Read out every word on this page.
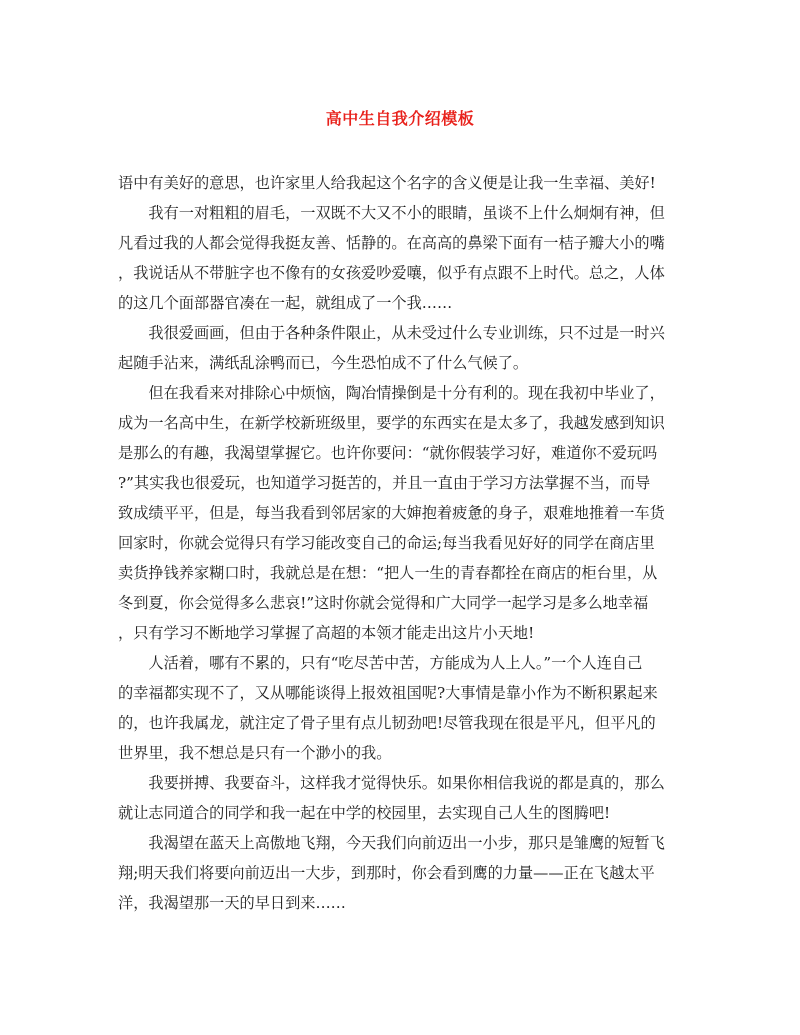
高中生自我介绍模板
语中有美好的意思，也许家里人给我起这个名字的含义便是让我一生幸福、美好!
　　我有一对粗粗的眉毛，一双既不大又不小的眼睛，虽谈不上什么炯炯有神，但
凡看过我的人都会觉得我挺友善、恬静的。在高高的鼻梁下面有一桔子瓣大小的嘴
，我说话从不带脏字也不像有的女孩爱吵爱嚷，似乎有点跟不上时代。总之，人体
的这几个面部器官凑在一起，就组成了一个我……
　　我很爱画画，但由于各种条件限止，从未受过什么专业训练，只不过是一时兴
起随手沾来，满纸乱涂鸭而已，今生恐怕成不了什么气候了。
　　但在我看来对排除心中烦恼，陶冶情操倒是十分有利的。现在我初中毕业了，
成为一名高中生，在新学校新班级里，要学的东西实在是太多了，我越发感到知识
是那么的有趣，我渴望掌握它。也许你要问：“就你假装学习好，难道你不爱玩吗
?”其实我也很爱玩，也知道学习挺苦的，并且一直由于学习方法掌握不当，而导
致成绩平平，但是，每当我看到邻居家的大婶抱着疲惫的身子，艰难地推着一车货
回家时，你就会觉得只有学习能改变自己的命运;每当我看见好好的同学在商店里
卖货挣钱养家糊口时，我就总是在想：“把人一生的青春都拴在商店的柜台里，从
冬到夏，你会觉得多么悲哀!”这时你就会觉得和广大同学一起学习是多么地幸福
，只有学习不断地学习掌握了高超的本领才能走出这片小天地!
　　人活着，哪有不累的，只有“吃尽苦中苦，方能成为人上人。”一个人连自己
的幸福都实现不了，又从哪能谈得上报效祖国呢?大事情是靠小作为不断积累起来
的，也许我属龙，就注定了骨子里有点儿韧劲吧!尽管我现在很是平凡，但平凡的
世界里，我不想总是只有一个渺小的我。
　　我要拼搏、我要奋斗，这样我才觉得快乐。如果你相信我说的都是真的，那么
就让志同道合的同学和我一起在中学的校园里，去实现自己人生的图腾吧!
　　我渴望在蓝天上高傲地飞翔，今天我们向前迈出一小步，那只是雏鹰的短暂飞
翔;明天我们将要向前迈出一大步，到那时，你会看到鹰的力量——正在飞越太平
洋，我渴望那一天的早日到来……
